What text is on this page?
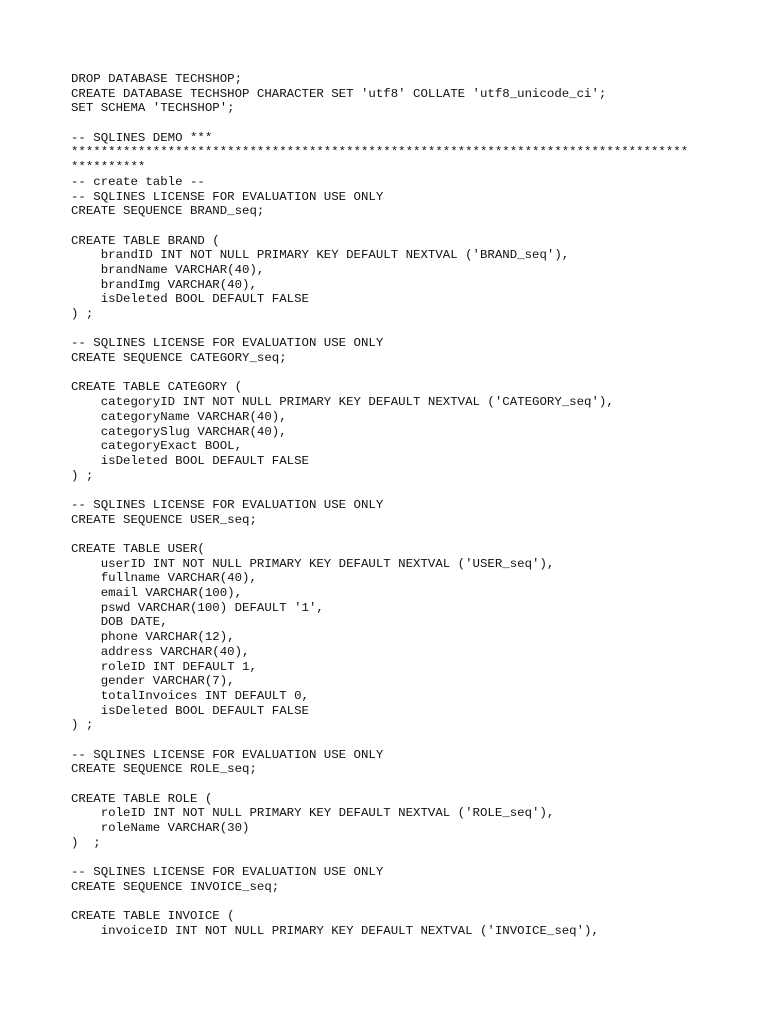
DROP DATABASE TECHSHOP;
CREATE DATABASE TECHSHOP CHARACTER SET 'utf8' COLLATE 'utf8_unicode_ci';
SET SCHEMA 'TECHSHOP';
-- SQLINES DEMO ***
***********************************************************************************
**********
-- create table --
-- SQLINES LICENSE FOR EVALUATION USE ONLY
CREATE SEQUENCE BRAND_seq;
CREATE TABLE BRAND (
brandID INT NOT NULL PRIMARY KEY DEFAULT NEXTVAL ('BRAND_seq'),
brandName VARCHAR(40),
brandImg VARCHAR(40),
isDeleted BOOL DEFAULT FALSE
) ;
-- SQLINES LICENSE FOR EVALUATION USE ONLY
CREATE SEQUENCE CATEGORY_seq;
CREATE TABLE CATEGORY (
categoryID INT NOT NULL PRIMARY KEY DEFAULT NEXTVAL ('CATEGORY_seq'),
categoryName VARCHAR(40),
categorySlug VARCHAR(40),
categoryExact BOOL,
isDeleted BOOL DEFAULT FALSE
) ;
-- SQLINES LICENSE FOR EVALUATION USE ONLY
CREATE SEQUENCE USER_seq;
CREATE TABLE USER(
userID INT NOT NULL PRIMARY KEY DEFAULT NEXTVAL ('USER_seq'),
fullname VARCHAR(40),
email VARCHAR(100),
pswd VARCHAR(100) DEFAULT '1',
DOB DATE,
phone VARCHAR(12),
address VARCHAR(40),
roleID INT DEFAULT 1,
gender VARCHAR(7),
totalInvoices INT DEFAULT 0,
isDeleted BOOL DEFAULT FALSE
) ;
-- SQLINES LICENSE FOR EVALUATION USE ONLY
CREATE SEQUENCE ROLE_seq;
CREATE TABLE ROLE (
roleID INT NOT NULL PRIMARY KEY DEFAULT NEXTVAL ('ROLE_seq'),
roleName VARCHAR(30)
)  ;
-- SQLINES LICENSE FOR EVALUATION USE ONLY
CREATE SEQUENCE INVOICE_seq;
CREATE TABLE INVOICE (
invoiceID INT NOT NULL PRIMARY KEY DEFAULT NEXTVAL ('INVOICE_seq'),
